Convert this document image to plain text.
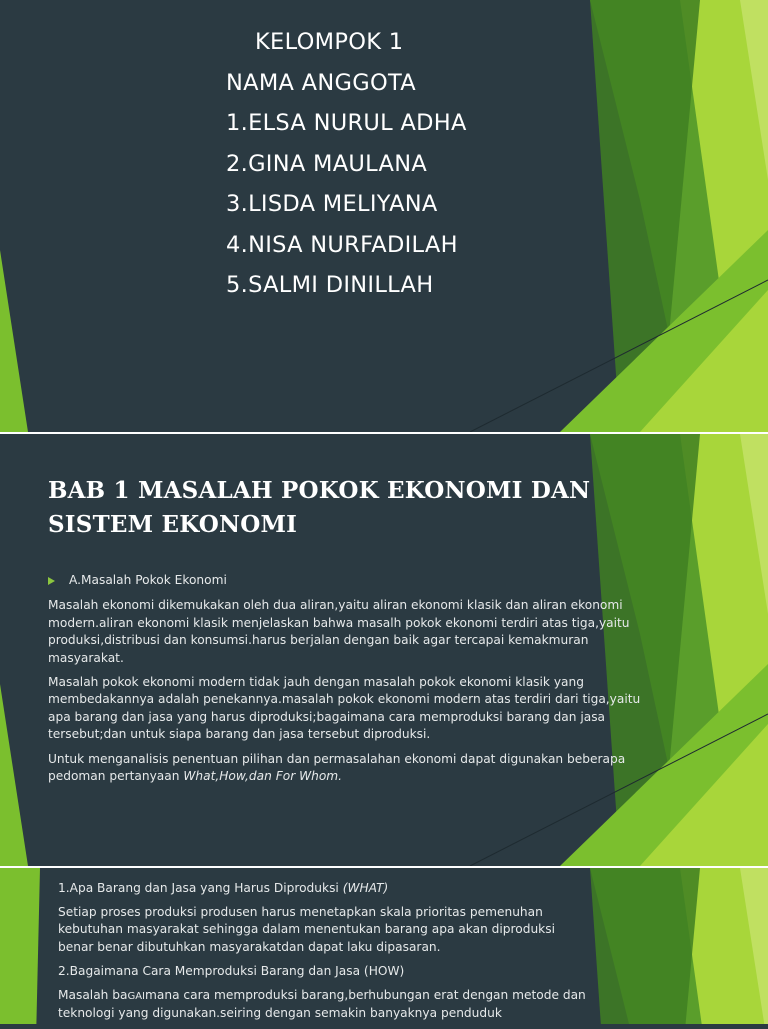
KELOMPOK 1
NAMA ANGGOTA
1.ELSA NURUL ADHA
2.GINA MAULANA
3.LISDA MELIYANA
4.NISA NURFADILAH
5.SALMI DINILLAH
BAB 1 MASALAH POKOK EKONOMI DAN
SISTEM EKONOMI
A.Masalah Pokok Ekonomi

Masalah ekonomi dikemukakan oleh dua aliran,yaitu aliran ekonomi klasik dan aliran ekonomi modern.aliran ekonomi klasik menjelaskan bahwa masalh pokok ekonomi terdiri atas tiga,yaitu produksi,distribusi dan konsumsi.harus berjalan dengan baik agar tercapai kemakmuran masyarakat.

Masalah pokok ekonomi modern tidak jauh dengan masalah pokok ekonomi klasik yang membedakannya adalah penekannya.masalah pokok ekonomi modern atas terdiri dari tiga,yaitu apa barang dan jasa yang harus diproduksi;bagaimana cara memproduksi barang dan jasa tersebut;dan untuk siapa barang dan jasa tersebut diproduksi.

Untuk menganalisis penentuan pilihan dan permasalahan ekonomi dapat digunakan beberapa pedoman pertanyaan What,How,dan For Whom.

1.Apa Barang dan Jasa yang Harus Diproduksi (WHAT)

Setiap proses produksi produsen harus menetapkan skala prioritas pemenuhan kebutuhan masyarakat sehingga dalam menentukan barang apa akan diproduksi benar benar dibutuhkan masyarakatdan dapat laku dipasaran.

2.Bagaimana Cara Memproduksi Barang dan Jasa (HOW)

Masalah baGAImana cara memproduksi barang,berhubungan erat dengan metode dan teknologi yang digunakan.seiring dengan semakin banyaknya penduduk
